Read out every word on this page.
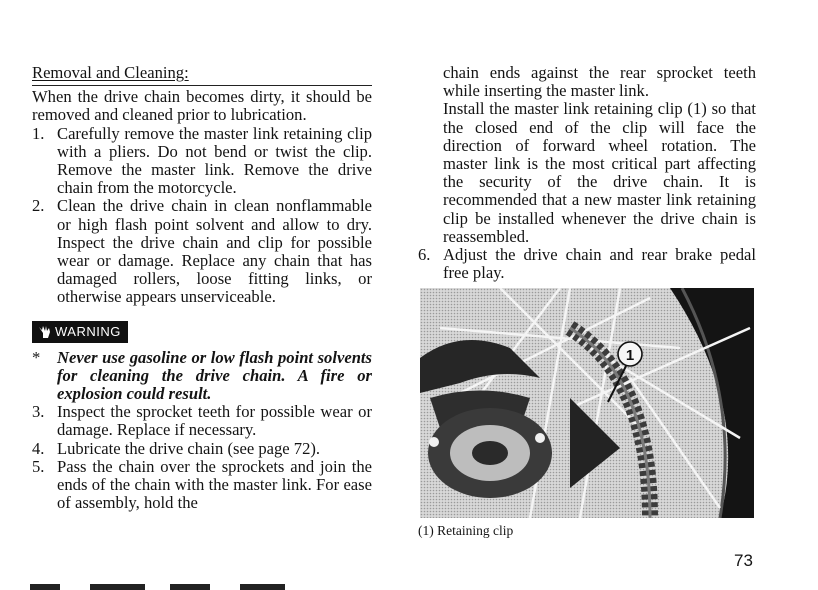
Removal and Cleaning:
When the drive chain becomes dirty, it should be removed and cleaned prior to lubrication.
1. Carefully remove the master link retaining clip with a pliers. Do not bend or twist the clip. Remove the master link. Remove the drive chain from the motorcycle.
2. Clean the drive chain in clean nonflammable or high flash point solvent and allow to dry. Inspect the drive chain and clip for possible wear or damage. Replace any chain that has damaged rollers, loose fitting links, or otherwise appears unserviceable.
WARNING
*	Never use gasoline or low flash point solvents for cleaning the drive chain. A fire or explosion could result.
3. Inspect the sprocket teeth for possible wear or damage. Replace if necessary.
4. Lubricate the drive chain (see page 72).
5. Pass the chain over the sprockets and join the ends of the chain with the master link. For ease of assembly, hold the
chain ends against the rear sprocket teeth while inserting the master link.
Install the master link retaining clip (1) so that the closed end of the clip will face the direction of forward wheel rotation. The master link is the most critical part affecting the security of the drive chain. It is recommended that a new master link retaining clip be installed whenever the drive chain is reassembled.
6. Adjust the drive chain and rear brake pedal free play.
1
(1) Retaining clip
73
